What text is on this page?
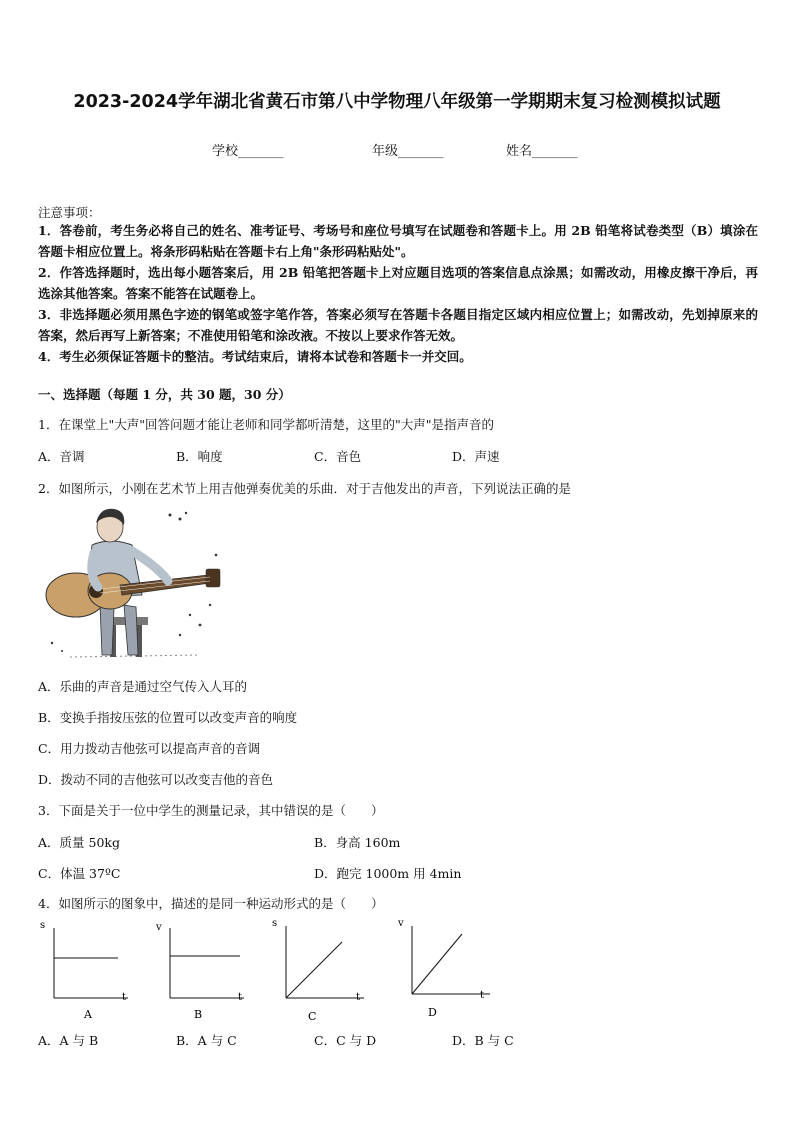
2023-2024学年湖北省黄石市第八中学物理八年级第一学期期末复习检测模拟试题
学校_______	年级_______	姓名_______
注意事项：
1．答卷前，考生务必将自己的姓名、准考证号、考场号和座位号填写在试题卷和答题卡上。用 2B 铅笔将试卷类型（B）填涂在答题卡相应位置上。将条形码粘贴在答题卡右上角"条形码粘贴处"。
2．作答选择题时，选出每小题答案后，用 2B 铅笔把答题卡上对应题目选项的答案信息点涂黑；如需改动，用橡皮擦干净后，再选涂其他答案。答案不能答在试题卷上。
3．非选择题必须用黑色字迹的钢笔或签字笔作答，答案必须写在答题卡各题目指定区域内相应位置上；如需改动，先划掉原来的答案，然后再写上新答案；不准使用铅笔和涂改液。不按以上要求作答无效。
4．考生必须保证答题卡的整洁。考试结束后，请将本试卷和答题卡一并交回。
一、选择题（每题 1 分，共 30 题，30 分）
1．在课堂上"大声"回答问题才能让老师和同学都听清楚，这里的"大声"是指声音的
A．音调	B．响度	C．音色	D．声速
2．如图所示，小刚在艺术节上用吉他弹奏优美的乐曲．对于吉他发出的声音，下列说法正确的是
A．乐曲的声音是通过空气传入人耳的
B．变换手指按压弦的位置可以改变声音的响度
C．用力拨动吉他弦可以提高声音的音调
D．拨动不同的吉他弦可以改变吉他的音色
3．下面是关于一位中学生的测量记录，其中错误的是（　　）
A．质量 50kg	B．身高 160m
C．体温 37ºC	D．跑完 1000m 用 4min
4．如图所示的图象中，描述的是同一种运动形式的是（　　）
s
t
A
v
t
B
s
t
C
v
t
D
A．A 与 B	B．A 与 C	C．C 与 D	D．B 与 C
